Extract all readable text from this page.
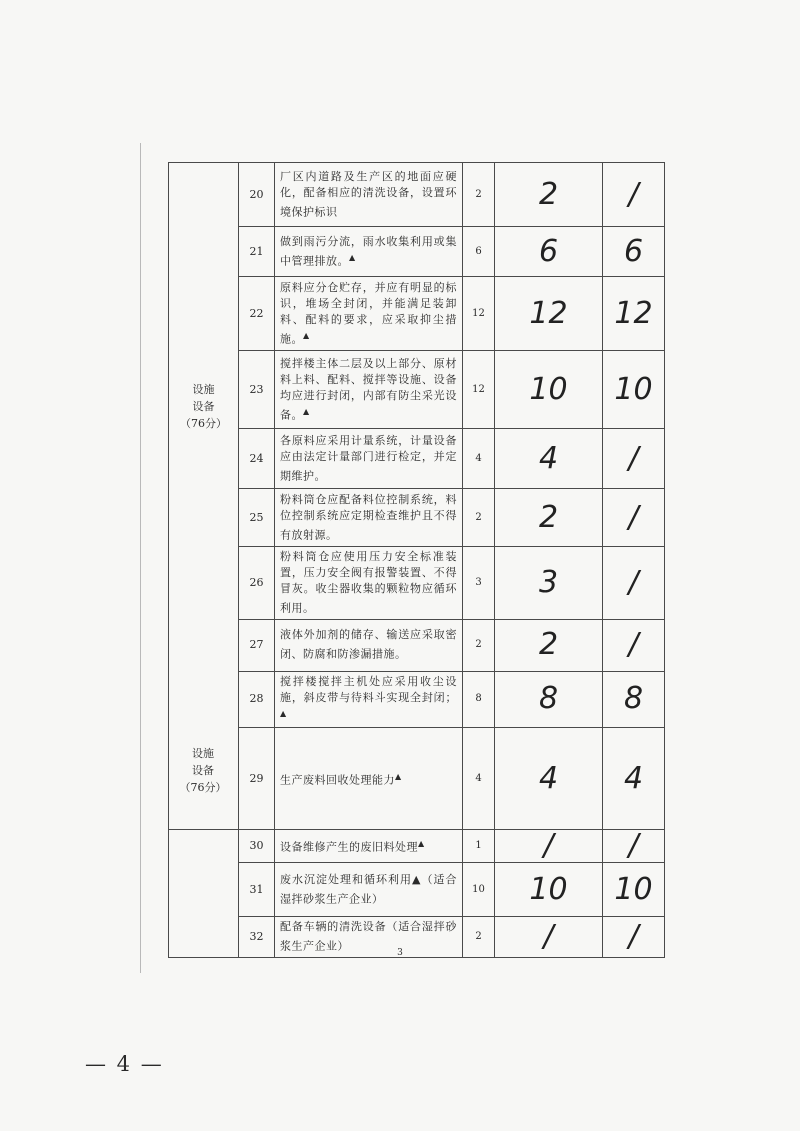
设施
设备
（76分）	20	厂区内道路及生产区的地面应硬化，配备相应的清洗设备，设置环境保护标识	2	2	/
	21	做到雨污分流，雨水收集利用或集中管理排放。▲	6	6	6
	22	原料应分仓贮存，并应有明显的标识，堆场全封闭，并能满足装卸料、配料的要求，应采取抑尘措施。▲	12	12	12
	23	搅拌楼主体二层及以上部分、原材料上料、配料、搅拌等设施、设备均应进行封闭，内部有防尘采光设备。▲	12	10	10
	24	各原料应采用计量系统，计量设备应由法定计量部门进行检定，并定期维护。	4	4	/
	25	粉料筒仓应配备料位控制系统，料位控制系统应定期检查维护且不得有放射源。	2	2	/
	26	粉料筒仓应使用压力安全标准装置，压力安全阀有报警装置、不得冒灰。收尘器收集的颗粒物应循环利用。	3	3	/
	27	液体外加剂的储存、输送应采取密闭、防腐和防渗漏措施。	2	2	/
	28	搅拌楼搅拌主机处应采用收尘设施，斜皮带与待料斗实现全封闭；▲	8	8	8
	29	生产废料回收处理能力▲	4	4	4
	30	设备维修产生的废旧料处理▲	1	/	/
	31	废水沉淀处理和循环利用▲（适合湿拌砂浆生产企业）	10	10	10
	32	配备车辆的清洗设备（适合湿拌砂浆生产企业）	2	/	/
设施
设备
（76分）
3
— 4 —
